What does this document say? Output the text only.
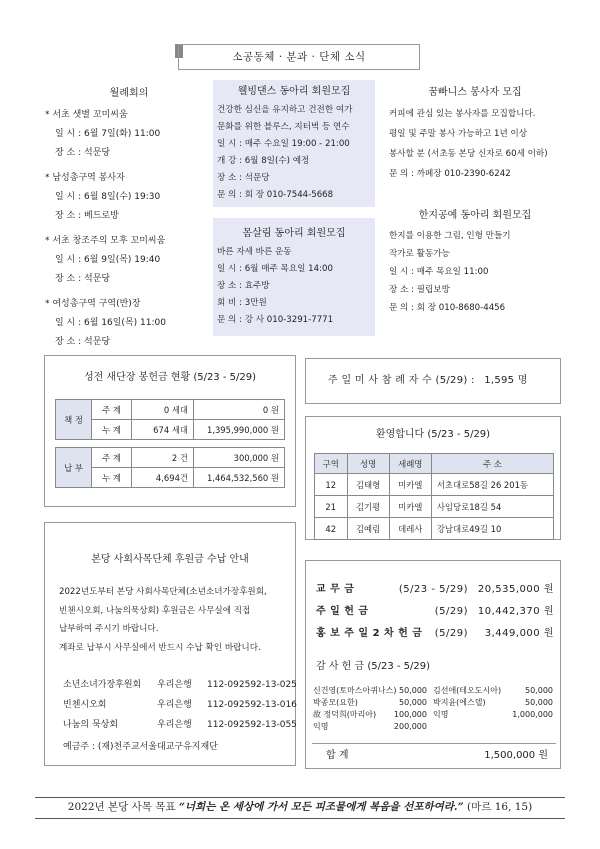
소공동체 · 분과 · 단체 소식
월례회의
* 서초 샛별 꼬미씨움
일 시 : 6월 7일(화) 11:00
장 소 : 석문당
* 남성총구역 봉사자
일 시 : 6월 8일(수) 19:30
장 소 : 베드로방
* 서초 창조주의 모후 꼬미씨움
일 시 : 6월 9일(목) 19:40
장 소 : 석문당
* 여성총구역 구역(반)장
일 시 : 6월 16일(목) 11:00
장 소 : 석문당
웰빙댄스 동아리 회원모집
건강한 심신을 유지하고 건전한 여가
문화를 위한 블루스, 지터벅 등 연수
일 시 : 매주 수요일 19:00 - 21:00
개 강 : 6월 8일(수) 예정
장 소 : 석문당
문 의 : 회 장 010-7544-5668
몸살림 동아리 회원모집
바른 자세 바른 운동
일 시 : 6월 매주 목요일 14:00
장 소 : 효주방
회 비 : 3만원
문 의 : 강 사 010-3291-7771
꿈빠니스 봉사자 모집
커피에 관심 있는 봉사자를 모집합니다.
평일 및 주말 봉사 가능하고 1년 이상
봉사할 분 (서초동 본당 신자로 60세 이하)
문 의 : 까페장 010-2390-6242
한지공예 동아리 회원모집
한지를 이용한 그림, 인형 만들기
작가로 활동가능
일 시 : 매주 목요일 11:00
장 소 : 필립보방
문 의 : 회 장 010-8680-4456
성전 새단장 봉헌금 현황 (5/23 - 5/29)
책 정	주 계	0 세대	0 원
	누 계	674 세대	1,395,990,000 원

납 부	주 계	2 건	300,000 원
	누 계	4,694건	1,464,532,560 원
주 일 미 사 참 례 자 수 (5/29) : 1,595 명
환영합니다 (5/23 - 5/29)
구역	성명	세례명	주 소
12	김태형	미카엘	서초대로58길 26 201동
21	김기평	미카엘	사임당로18길 54
42	김예림	데레사	강남대로49길 10
본당 사회사목단체 후원금 수납 안내
2022년도부터 본당 사회사목단체(소년소녀가장후원회,
빈첸시오회, 나눔의묵상회) 후원금은 사무실에 직접
납부하여 주시기 바랍니다.
계좌로 납부시 사무실에서 반드시 수납 확인 바랍니다.
소년소녀가장후원회	우리은행	112-092592-13-025
빈첸시오회	우리은행	112-092592-13-016
나눔의 묵상회	우리은행	112-092592-13-055
예금주 : (재)천주교서울대교구유지재단
교 무 금	(5/23 - 5/29) 20,535,000 원
주 일 헌 금	(5/29) 10,442,370 원
홍 보 주 일 2 차 헌 금 (5/29) 3,449,000 원
감 사 헌 금 (5/23 - 5/29)
신건영(토마스아퀴나스) 50,000 김선애(테오도시아)	50,000
박종모(요한)	50,000 박지윤(에스델)	50,000
故 정덕희(마리아) 100,000 익명	1,000,000
익명	200,000
합 계	1,500,000 원
2022년 본당 사목 목표 “너희는 온 세상에 가서 모든 피조물에게 복음을 선포하여라.” (마르 16, 15)
